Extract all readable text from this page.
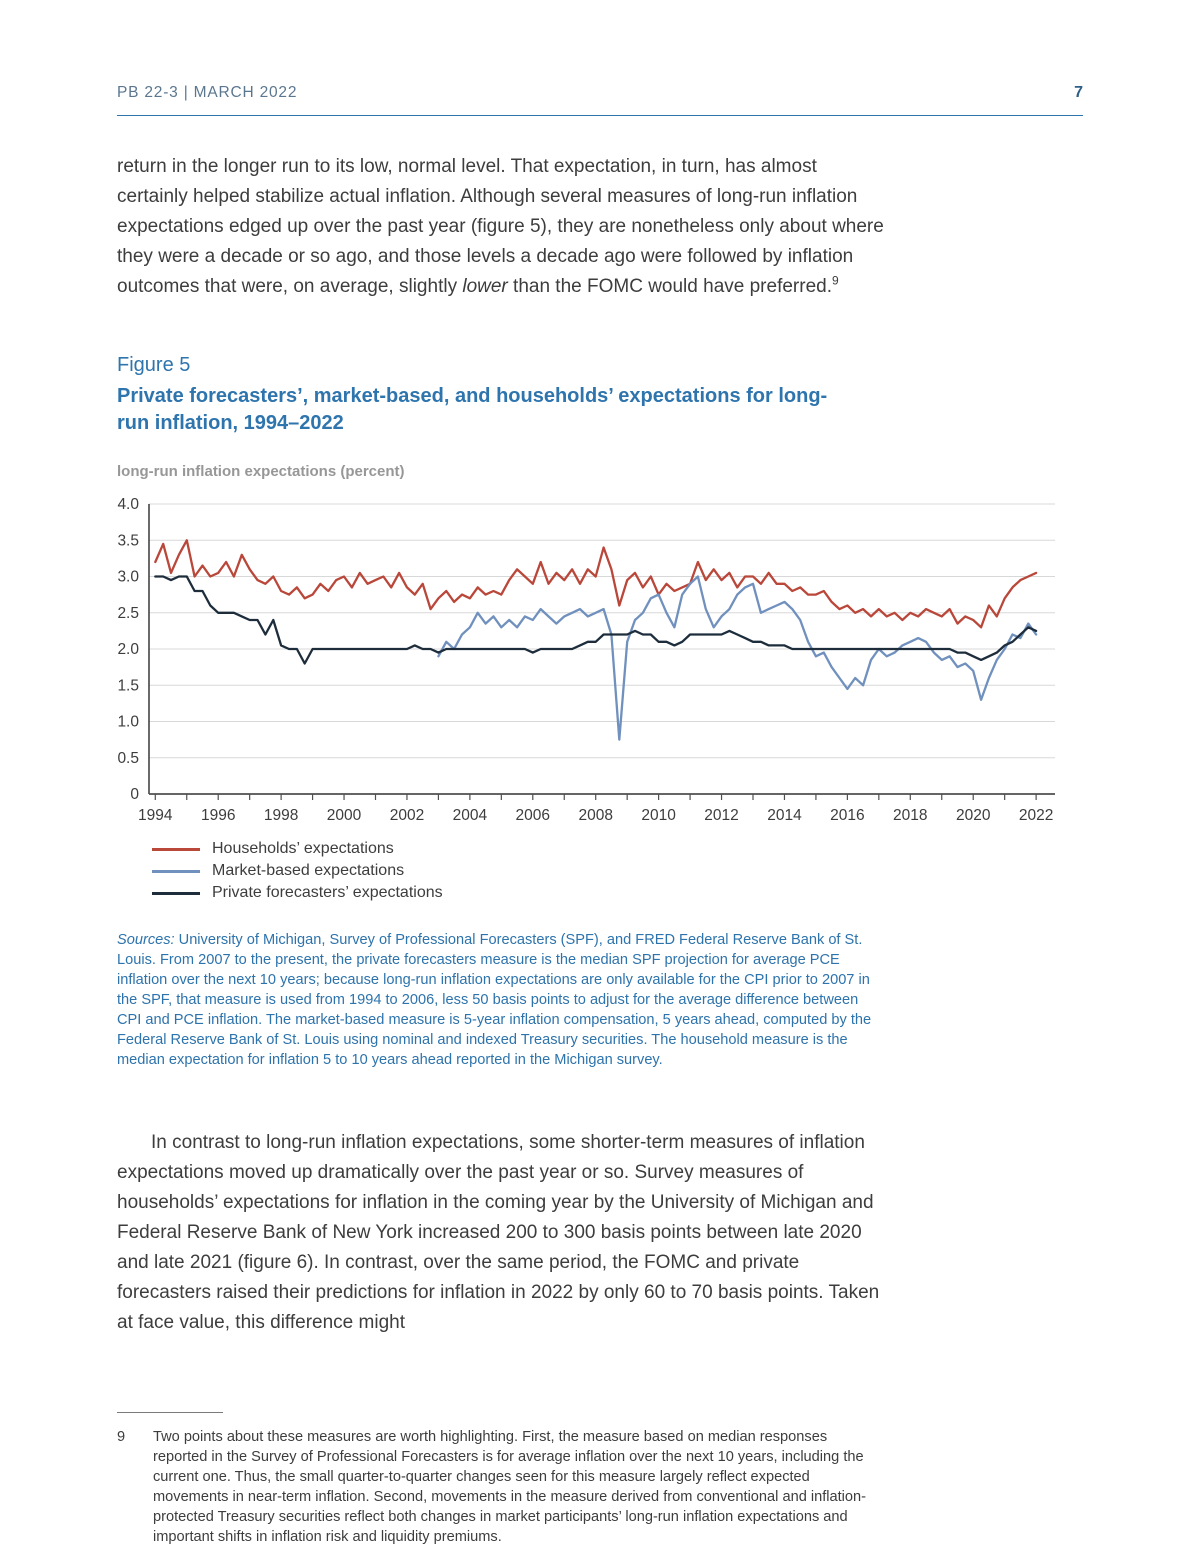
PB 22-3 | MARCH 2022	7

return in the longer run to its low, normal level. That expectation, in turn, has almost certainly helped stabilize actual inflation. Although several measures of long-run inflation expectations edged up over the past year (figure 5), they are nonetheless only about where they were a decade or so ago, and those levels a decade ago were followed by inflation outcomes that were, on average, slightly lower than the FOMC would have preferred.$^9$

Figure 5
Private forecasters’, market-based, and households’ expectations for long-
run inflation, 1994–2022
long-run inflation expectations (percent)
0
0.5
1.0
1.5
2.0
2.5
3.0
3.5
4.0
1994 1996 1998 2000 2002 2004 2006 2008 2010 2012 2014 2016 2018 2020 2022
Households’ expectations
Market-based expectations
Private forecasters’ expectations

Sources: University of Michigan, Survey of Professional Forecasters (SPF), and FRED Federal Reserve Bank of St. Louis. From 2007 to the present, the private forecasters measure is the median SPF projection for average PCE inflation over the next 10 years; because long-run inflation expectations are only available for the CPI prior to 2007 in the SPF, that measure is used from 1994 to 2006, less 50 basis points to adjust for the average difference between CPI and PCE inflation. The market-based measure is 5-year inflation compensation, 5 years ahead, computed by the Federal Reserve Bank of St. Louis using nominal and indexed Treasury securities. The household measure is the median expectation for inflation 5 to 10 years ahead reported in the Michigan survey.

In contrast to long-run inflation expectations, some shorter-term measures of inflation expectations moved up dramatically over the past year or so. Survey measures of households’ expectations for inflation in the coming year by the University of Michigan and Federal Reserve Bank of New York increased 200 to 300 basis points between late 2020 and late 2021 (figure 6). In contrast, over the same period, the FOMC and private forecasters raised their predictions for inflation in 2022 by only 60 to 70 basis points. Taken at face value, this difference might

9	Two points about these measures are worth highlighting. First, the measure based on median responses reported in the Survey of Professional Forecasters is for average inflation over the next 10 years, including the current one. Thus, the small quarter-to-quarter changes seen for this measure largely reflect expected movements in near-term inflation. Second, movements in the measure derived from conventional and inflation-protected Treasury securities reflect both changes in market participants’ long-run inflation expectations and important shifts in inflation risk and liquidity premiums.
